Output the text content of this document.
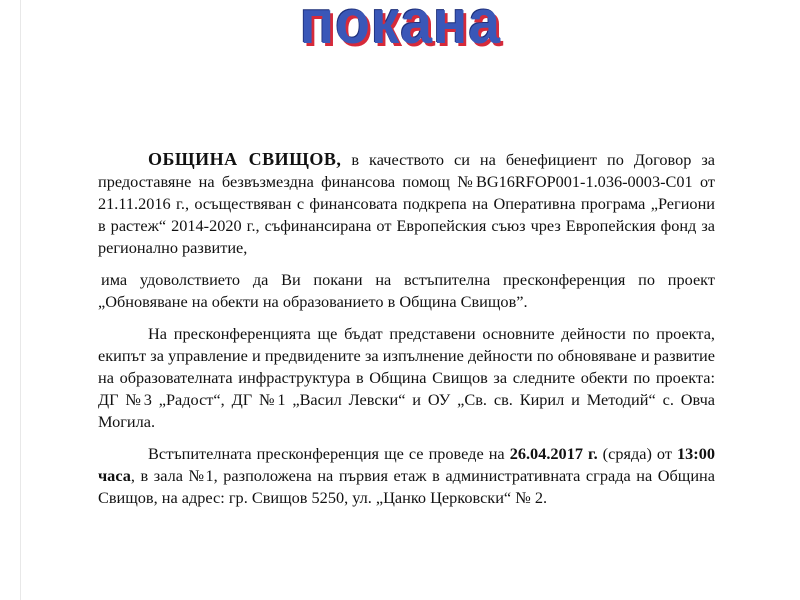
покана

ОБЩИНА СВИЩОВ, в качеството си на бенефициент по Договор за предоставяне на безвъзмездна финансова помощ №BG16RFOP001-1.036-0003-C01 от 21.11.2016 г., осъществяван с финансовата подкрепа на Оперативна програма „Региони в растеж“ 2014-2020 г., съфинансирана от Европейския съюз чрез Европейския фонд за регионално развитие,

има удоволствието да Ви покани на встъпителна пресконференция по проект „Обновяване на обекти на образованието в Община Свищов”.

На пресконференцията ще бъдат представени основните дейности по проекта, екипът за управление и предвидените за изпълнение дейности по обновяване и развитие на образователната инфраструктура в Община Свищов за следните обекти по проекта: ДГ №3 „Радост“, ДГ №1 „Васил Левски“ и ОУ „Св. св. Кирил и Методий“ с. Овча Могила.

Встъпителната пресконференция ще се проведе на 26.04.2017 г. (сряда) от 13:00 часа, в зала №1, разположена на първия етаж в административната сграда на Община Свищов, на адрес: гр. Свищов 5250, ул. „Цанко Церковски“ № 2.
